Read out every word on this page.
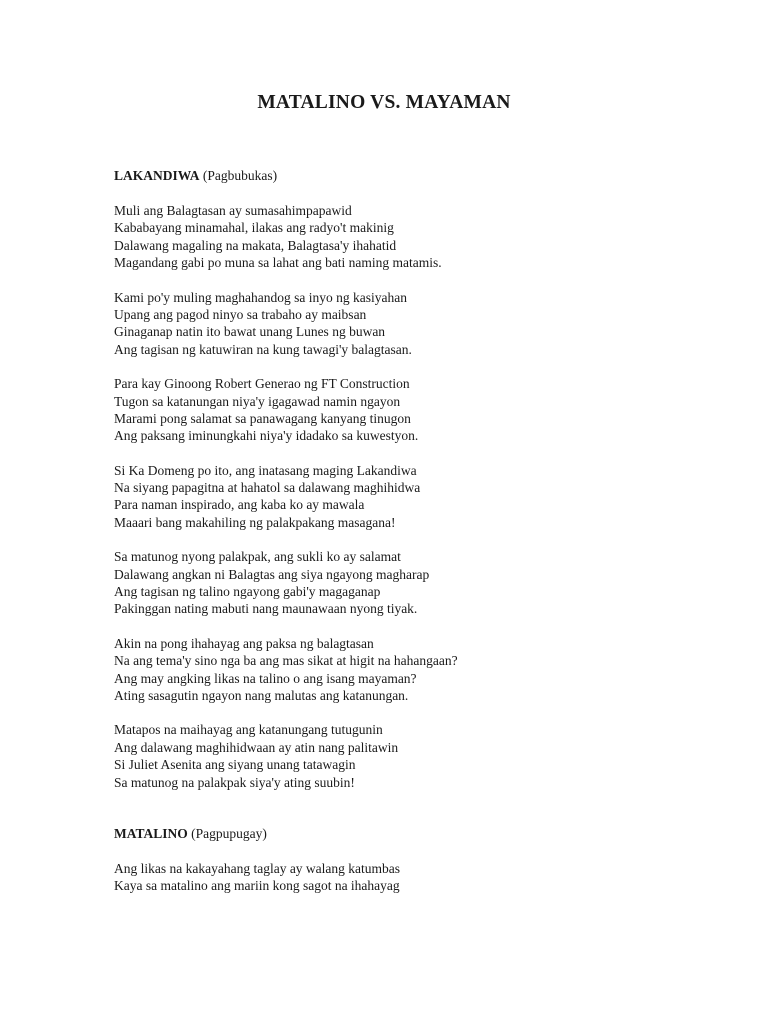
MATALINO VS. MAYAMAN

LAKANDIWA (Pagbubukas)

Muli ang Balagtasan ay sumasahimpapawid
Kababayang minamahal, ilakas ang radyo't makinig
Dalawang magaling na makata, Balagtasa'y ihahatid
Magandang gabi po muna sa lahat ang bati naming matamis.
Kami po'y muling maghahandog sa inyo ng kasiyahan
Upang ang pagod ninyo sa trabaho ay maibsan
Ginaganap natin ito bawat unang Lunes ng buwan
Ang tagisan ng katuwiran na kung tawagi'y balagtasan.
Para kay Ginoong Robert Generao ng FT Construction
Tugon sa katanungan niya'y igagawad namin ngayon
Marami pong salamat sa panawagang kanyang tinugon
Ang paksang iminungkahi niya'y idadako sa kuwestyon.
Si Ka Domeng po ito, ang inatasang maging Lakandiwa
Na siyang papagitna at hahatol sa dalawang maghihidwa
Para naman inspirado, ang kaba ko ay mawala
Maaari bang makahiling ng palakpakang masagana!
Sa matunog nyong palakpak, ang sukli ko ay salamat
Dalawang angkan ni Balagtas ang siya ngayong magharap
Ang tagisan ng talino ngayong gabi'y magaganap
Pakinggan nating mabuti nang maunawaan nyong tiyak.
Akin na pong ihahayag ang paksa ng balagtasan
Na ang tema'y sino nga ba ang mas sikat at higit na hahangaan?
Ang may angking likas na talino o ang isang mayaman?
Ating sasagutin ngayon nang malutas ang katanungan.
Matapos na maihayag ang katanungang tutugunin
Ang dalawang maghihidwaan ay atin nang palitawin
Si Juliet Asenita ang siyang unang tatawagin
Sa matunog na palakpak siya'y ating suubin!

MATALINO (Pagpupugay)

Ang likas na kakayahang taglay ay walang katumbas
Kaya sa matalino ang mariin kong sagot na ihahayag
